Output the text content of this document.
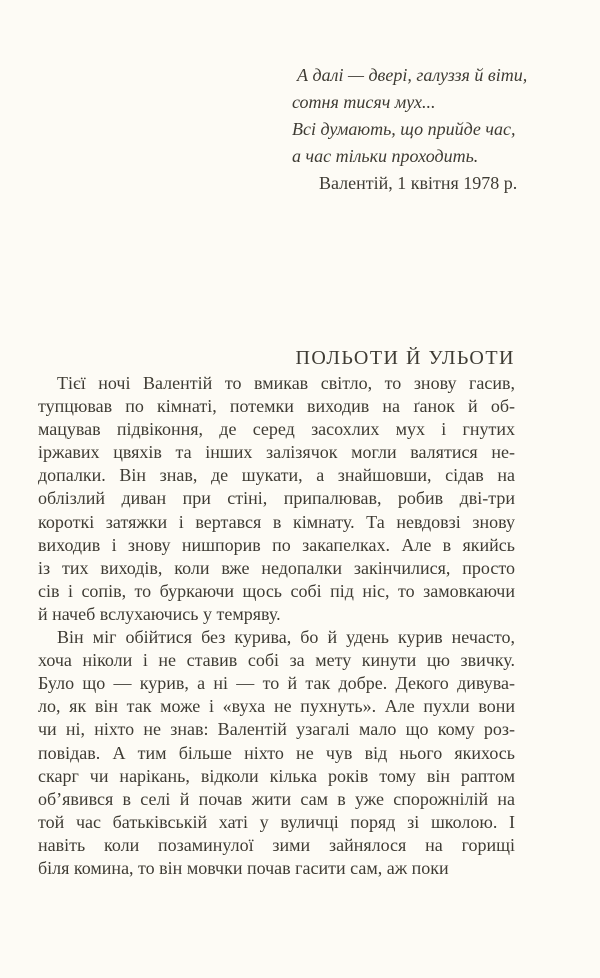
А далі — двері, галуззя й віти,
сотня тисяч мух...
Всі думають, що прийде час,
а час тільки проходить.
Валентій, 1 квітня 1978 р.
ПОЛЬОТИ Й УЛЬОТИ
Тієї ночі Валентій то вмикав світло, то знову гасив,
тупцював по кімнаті, потемки виходив на ґанок й об-
мацував підвіконня, де серед засохлих мух і гнутих
іржавих цвяхів та інших залізячок могли валятися не-
допалки. Він знав, де шукати, а знайшовши, сідав на
облізлий диван при стіні, припалював, робив дві-три
короткі затяжки і вертався в кімнату. Та невдовзі знову
виходив і знову нишпорив по закапелках. Але в якийсь
із тих виходів, коли вже недопалки закінчилися, просто
сів і сопів, то буркаючи щось собі під ніс, то замовкаючи
й начеб вслухаючись у темряву.
Він міг обійтися без курива, бо й удень курив нечасто,
хоча ніколи і не ставив собі за мету кинути цю звичку.
Було що — курив, а ні — то й так добре. Декого дивува-
ло, як він так може і «вуха не пухнуть». Але пухли вони
чи ні, ніхто не знав: Валентій узагалі мало що кому роз-
повідав. А тим більше ніхто не чув від нього якихось
скарг чи нарікань, відколи кілька років тому він раптом
об’явився в селі й почав жити сам в уже спорожнілій на
той час батьківській хаті у вуличці поряд зі школою. І
навіть коли позаминулої зими зайнялося на горищі
біля комина, то він мовчки почав гасити сам, аж поки
